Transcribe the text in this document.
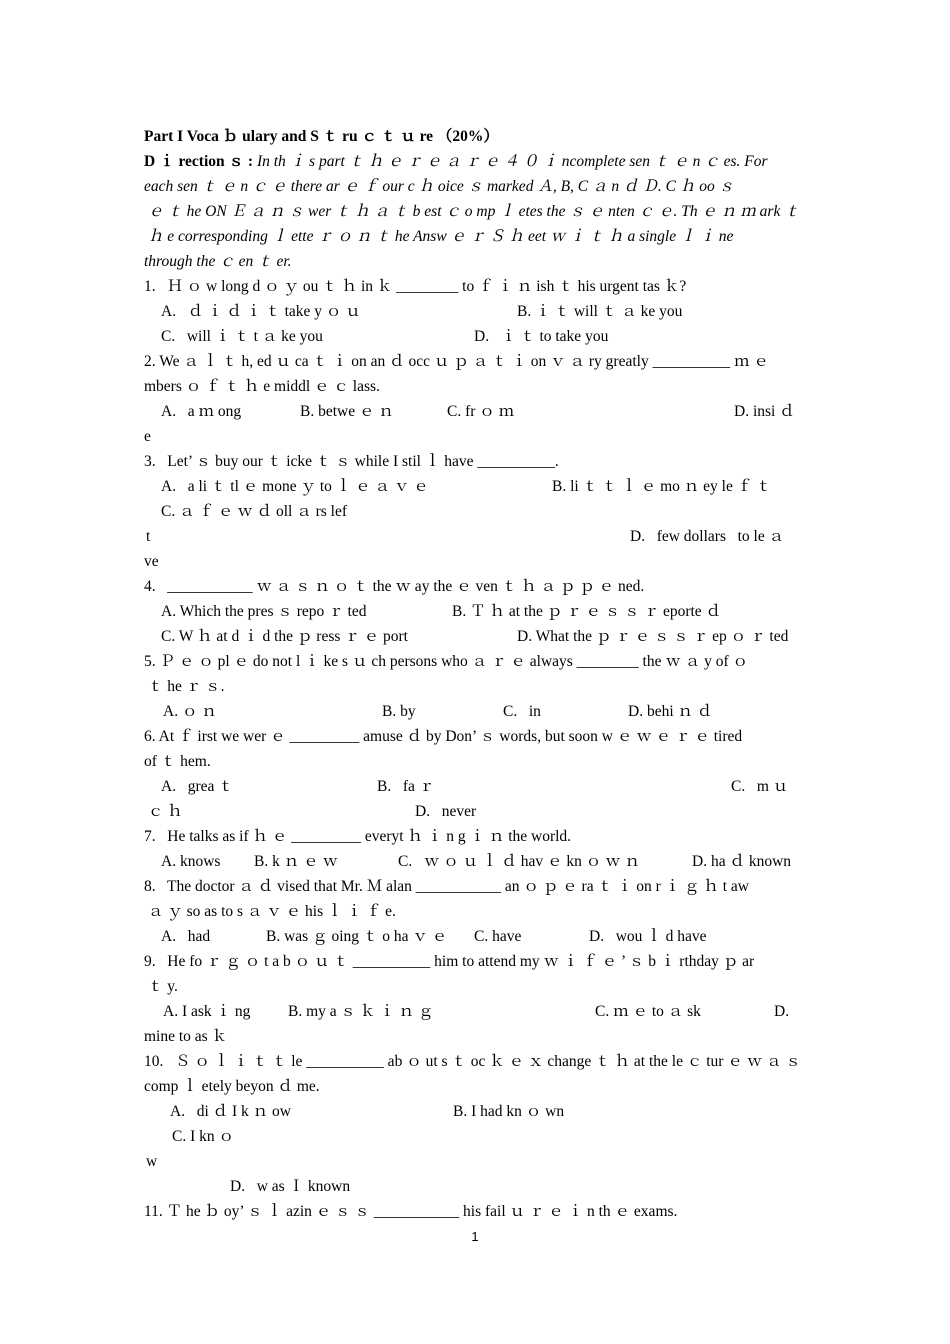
Part I Voca ｂ ulary and S ｔ ru ｃ ｔ ｕ re （20%）
D ｉ rection ｓ : In th ｉ s part ｔ ｈ ｅ ｒ ｅ ａ ｒ ｅ ４ ０ ｉ ncomplete sen ｔ ｅ n ｃ es. For
each sen ｔ ｅ n ｃ ｅ there ar ｅ ｆ our c ｈ oice ｓ marked Ａ, B, C ａ n ｄ Ｄ. C ｈ oo ｓ
ｅ ｔ he ON Ｅ ａ ｎ ｓ wer ｔ ｈ ａ ｔ b est ｃ o mp ｌ etes the ｓ ｅ nten ｃ ｅ. Th ｅ ｎ ｍ ark ｔ
ｈ e corresponding ｌ ette ｒ ｏ ｎ ｔ he Answ ｅ ｒ Ｓ ｈ eet ｗ ｉ ｔ ｈ a single ｌ ｉ ne
through the ｃ en ｔ er.
1.   Ｈ ｏ w long d ｏ ｙ ou ｔ ｈ in ｋ ________ to ｆ ｉ ｎ ish ｔ his urgent tas ｋ?
A.   ｄ ｉ ｄ ｉ ｔ take y ｏ ｕ	B. ｉ ｔ will ｔ ａ ke you
C.   will ｉ ｔ t ａ ke you	D.   ｉ ｔ to take you
2. We ａ ｌ ｔ h, ed ｕ ca ｔ ｉ on an ｄ occ ｕ ｐ ａ ｔ ｉ on ｖ ａ ry greatly __________ ｍ ｅ
mbers ｏ ｆ ｔ ｈ e middl ｅ ｃ lass.
A.   a ｍ ong	B. betwe ｅ ｎ	C. fr ｏ ｍ	D. insi ｄ
e
3.   Let’ ｓ buy our ｔ icke ｔ ｓ while I stil ｌ have __________.
A.   a li ｔ tl ｅ mone ｙ to ｌ ｅ ａ ｖ ｅ	B. li ｔ ｔ ｌ ｅ mo ｎ ey le ｆ ｔ
C. ａ ｆ ｅ ｗ ｄ oll ａ rs lef
t	D.   few dollars   to le ａ
ve
4.   ___________ ｗ ａ ｓ ｎ ｏ ｔ the ｗ ay the ｅ ven ｔ ｈ ａ ｐ ｐ ｅ ned.
A. Which the pres ｓ repo ｒ ted	B. Ｔ ｈ at the ｐ ｒ ｅ ｓ ｓ ｒ eporte ｄ
C. W ｈ at d ｉ d the ｐ ress ｒ ｅ port	D. What the ｐ ｒ ｅ ｓ ｓ ｒ ep ｏ ｒ ted
5. Ｐ ｅ ｏ pl ｅ do not l ｉ ke s ｕ ch persons who ａ ｒ ｅ always ________ the ｗ ａ y of ｏ
ｔ he ｒ ｓ.
A. ｏ ｎ	B. by	C.   in	D. behi ｎ ｄ
6. At ｆ irst we wer ｅ _________ amuse ｄ by Don’ ｓ words, but soon w ｅ ｗ ｅ ｒ ｅ tired
of ｔ hem.
A.   grea ｔ	B.   fa ｒ	C.   m ｕ
ｃ ｈ	D.   never
7.   He talks as if ｈ ｅ _________ everyt ｈ ｉ n g ｉ ｎ the world.
A. knows B. k ｎ ｅ ｗ	C.   ｗ ｏ ｕ ｌ ｄ hav ｅ kn ｏ ｗ ｎ	D. ha ｄ known
8.   The doctor ａ ｄ vised that Mr. Ｍ alan ___________ an ｏ ｐ ｅ ra ｔ ｉ on r ｉ ｇ ｈ t aw
ａ ｙ so as to s ａ ｖ ｅ his ｌ ｉ ｆ e.
A.   had	B. was ｇ oing ｔ o ha ｖ ｅ C. have	D.   wou ｌ d have
9.   He fo ｒ ｇ ｏ t a b ｏ ｕ ｔ __________ him to attend my ｗ ｉ ｆ ｅ ’ ｓ b ｉ rthday ｐ ar
ｔ y.
A. I ask ｉ ng B. my a ｓ ｋ ｉ ｎ ｇ	C. ｍ ｅ to ａ sk	D.
mine to as ｋ
10.   Ｓ ｏ ｌ ｉ ｔ ｔ le __________ ab ｏ ut s ｔ oc ｋ ｅ ｘ change ｔ ｈ at the le ｃ tur ｅ ｗ ａ ｓ
comp ｌ etely beyon ｄ me.
A.   di ｄ I k ｎ ow	B. I had kn ｏ wn
C. I kn ｏ
w
D.   w as Ｉ known
11. Ｔ he ｂ oy’ ｓ ｌ azin ｅ ｓ ｓ ___________ his fail ｕ ｒ ｅ ｉ n th ｅ exams.
1
